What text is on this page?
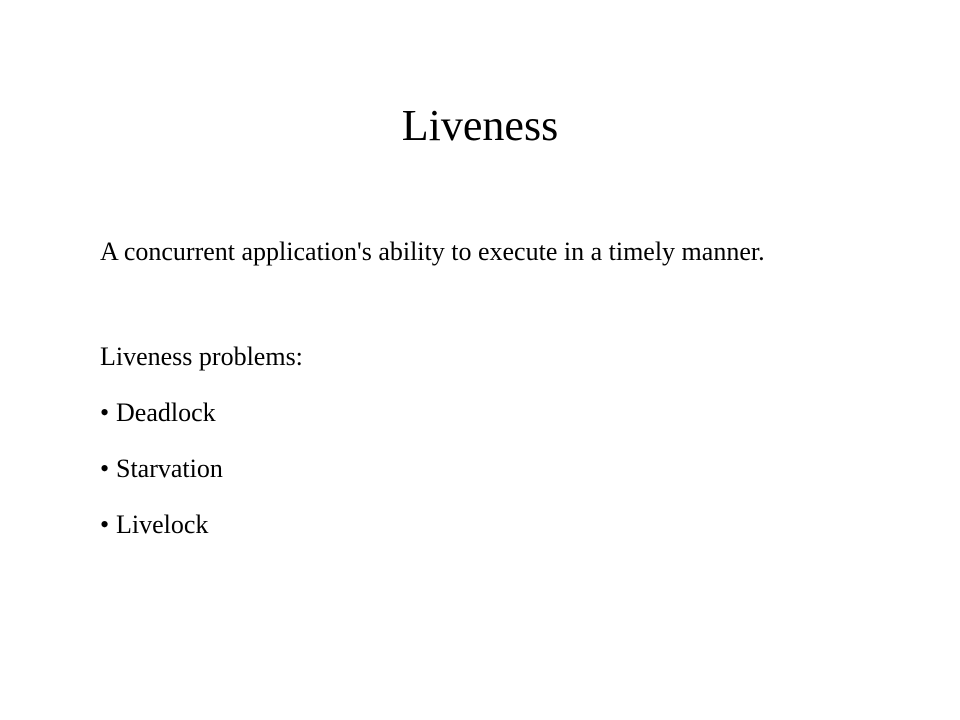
Liveness

A concurrent application's ability to execute in a timely manner.

Liveness problems:

• Deadlock
• Starvation
• Livelock
